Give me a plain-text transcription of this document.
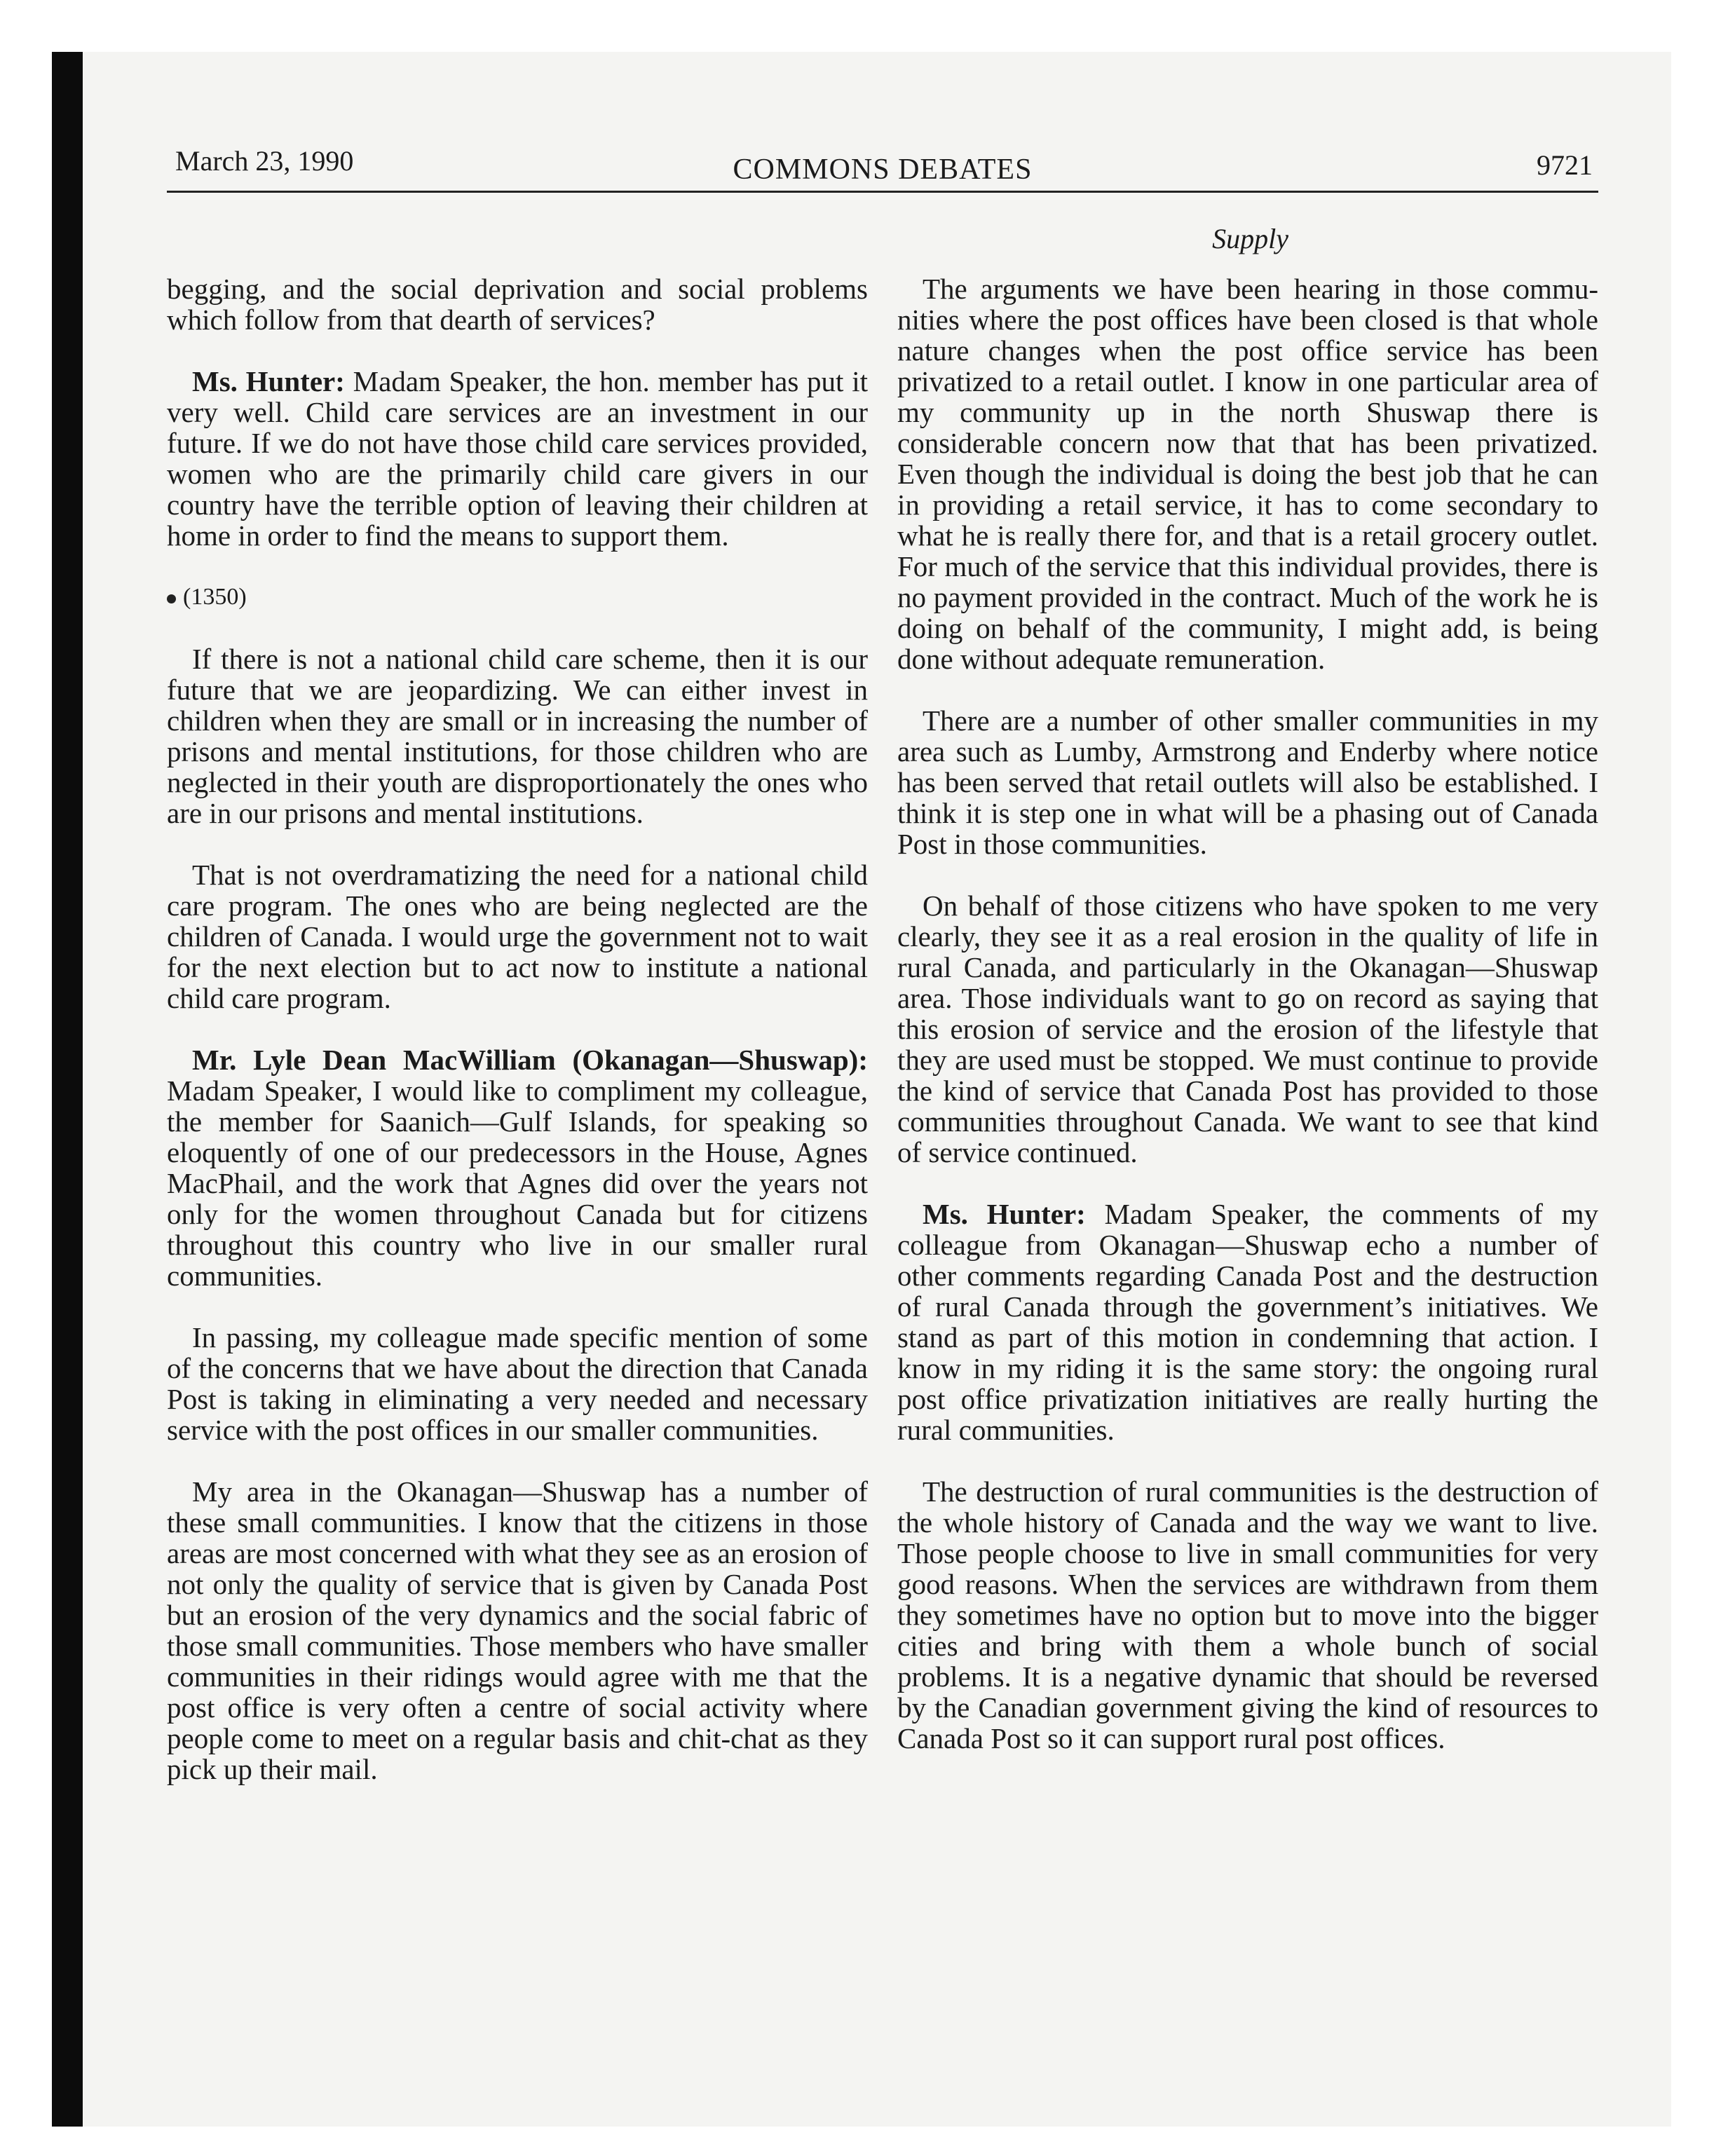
March 23, 1990	COMMONS DEBATES	9721
Supply

begging, and the social deprivation and social problems which follow from that dearth of services?

Ms. Hunter: Madam Speaker, the hon. member has put it very well. Child care services are an investment in our future. If we do not have those child care services provided, women who are the primarily child care givers in our country have the terrible option of leaving their children at home in order to find the means to support them.

(1350)

If there is not a national child care scheme, then it is our future that we are jeopardizing. We can either invest in children when they are small or in increasing the number of prisons and mental institutions, for those children who are neglected in their youth are disproportionately the ones who are in our prisons and mental institutions.

That is not overdramatizing the need for a national child care program. The ones who are being neglected are the children of Canada. I would urge the government not to wait for the next election but to act now to institute a national child care program.

Mr. Lyle Dean MacWilliam (Okanagan—Shuswap): Madam Speaker, I would like to compliment my colleague, the member for Saanich—Gulf Islands, for speaking so eloquently of one of our predecessors in the House, Agnes MacPhail, and the work that Agnes did over the years not only for the women throughout Canada but for citizens throughout this country who live in our smaller rural communities.

In passing, my colleague made specific mention of some of the concerns that we have about the direction that Canada Post is taking in eliminating a very needed and necessary service with the post offices in our smaller communities.

My area in the Okanagan—Shuswap has a number of these small communities. I know that the citizens in those areas are most concerned with what they see as an erosion of not only the quality of service that is given by Canada Post but an erosion of the very dynamics and the social fabric of those small communities. Those members who have smaller communities in their ridings would agree with me that the post office is very often a centre of social activity where people come to meet on a regular basis and chit-chat as they pick up their mail.

The arguments we have been hearing in those communities where the post offices have been closed is that whole nature changes when the post office service has been privatized to a retail outlet. I know in one particular area of my community up in the north Shuswap there is considerable concern now that that has been privatized. Even though the individual is doing the best job that he can in providing a retail service, it has to come secondary to what he is really there for, and that is a retail grocery outlet. For much of the service that this individual provides, there is no payment provided in the contract. Much of the work he is doing on behalf of the community, I might add, is being done without adequate remuneration.

There are a number of other smaller communities in my area such as Lumby, Armstrong and Enderby where notice has been served that retail outlets will also be established. I think it is step one in what will be a phasing out of Canada Post in those communities.

On behalf of those citizens who have spoken to me very clearly, they see it as a real erosion in the quality of life in rural Canada, and particularly in the Okanagan—Shuswap area. Those individuals want to go on record as saying that this erosion of service and the erosion of the lifestyle that they are used must be stopped. We must continue to provide the kind of service that Canada Post has provided to those communities throughout Canada. We want to see that kind of service continued.

Ms. Hunter: Madam Speaker, the comments of my colleague from Okanagan—Shuswap echo a number of other comments regarding Canada Post and the destruction of rural Canada through the government’s initiatives. We stand as part of this motion in condemning that action. I know in my riding it is the same story: the ongoing rural post office privatization initiatives are really hurting the rural communities.

The destruction of rural communities is the destruction of the whole history of Canada and the way we want to live. Those people choose to live in small communities for very good reasons. When the services are withdrawn from them they sometimes have no option but to move into the bigger cities and bring with them a whole bunch of social problems. It is a negative dynamic that should be reversed by the Canadian government giving the kind of resources to Canada Post so it can support rural post offices.
